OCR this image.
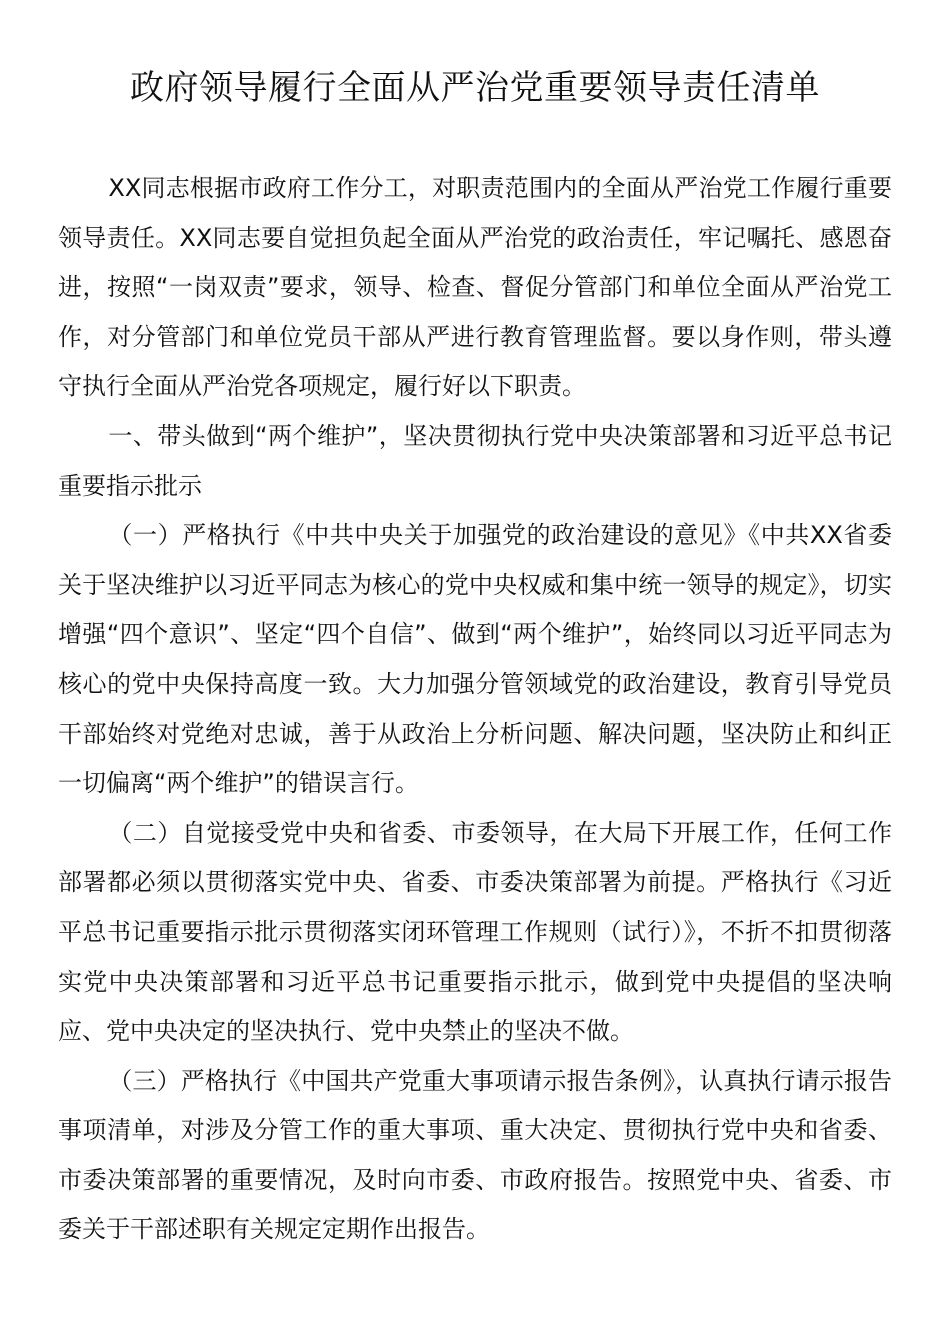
政府领导履行全面从严治党重要领导责任清单

XX同志根据市政府工作分工，对职责范围内的全面从严治党工作履行重要领导责任。XX同志要自觉担负起全面从严治党的政治责任，牢记嘱托、感恩奋进，按照“一岗双责”要求，领导、检查、督促分管部门和单位全面从严治党工作，对分管部门和单位党员干部从严进行教育管理监督。要以身作则，带头遵守执行全面从严治党各项规定，履行好以下职责。

一、带头做到“两个维护”，坚决贯彻执行党中央决策部署和习近平总书记重要指示批示

（一）严格执行《中共中央关于加强党的政治建设的意见》《中共XX省委关于坚决维护以习近平同志为核心的党中央权威和集中统一领导的规定》，切实增强“四个意识”、坚定“四个自信”、做到“两个维护”，始终同以习近平同志为核心的党中央保持高度一致。大力加强分管领域党的政治建设，教育引导党员干部始终对党绝对忠诚，善于从政治上分析问题、解决问题，坚决防止和纠正一切偏离“两个维护”的错误言行。

（二）自觉接受党中央和省委、市委领导，在大局下开展工作，任何工作部署都必须以贯彻落实党中央、省委、市委决策部署为前提。严格执行《习近平总书记重要指示批示贯彻落实闭环管理工作规则（试行）》，不折不扣贯彻落实党中央决策部署和习近平总书记重要指示批示，做到党中央提倡的坚决响应、党中央决定的坚决执行、党中央禁止的坚决不做。

（三）严格执行《中国共产党重大事项请示报告条例》，认真执行请示报告事项清单，对涉及分管工作的重大事项、重大决定、贯彻执行党中央和省委、市委决策部署的重要情况，及时向市委、市政府报告。按照党中央、省委、市委关于干部述职有关规定定期作出报告。
